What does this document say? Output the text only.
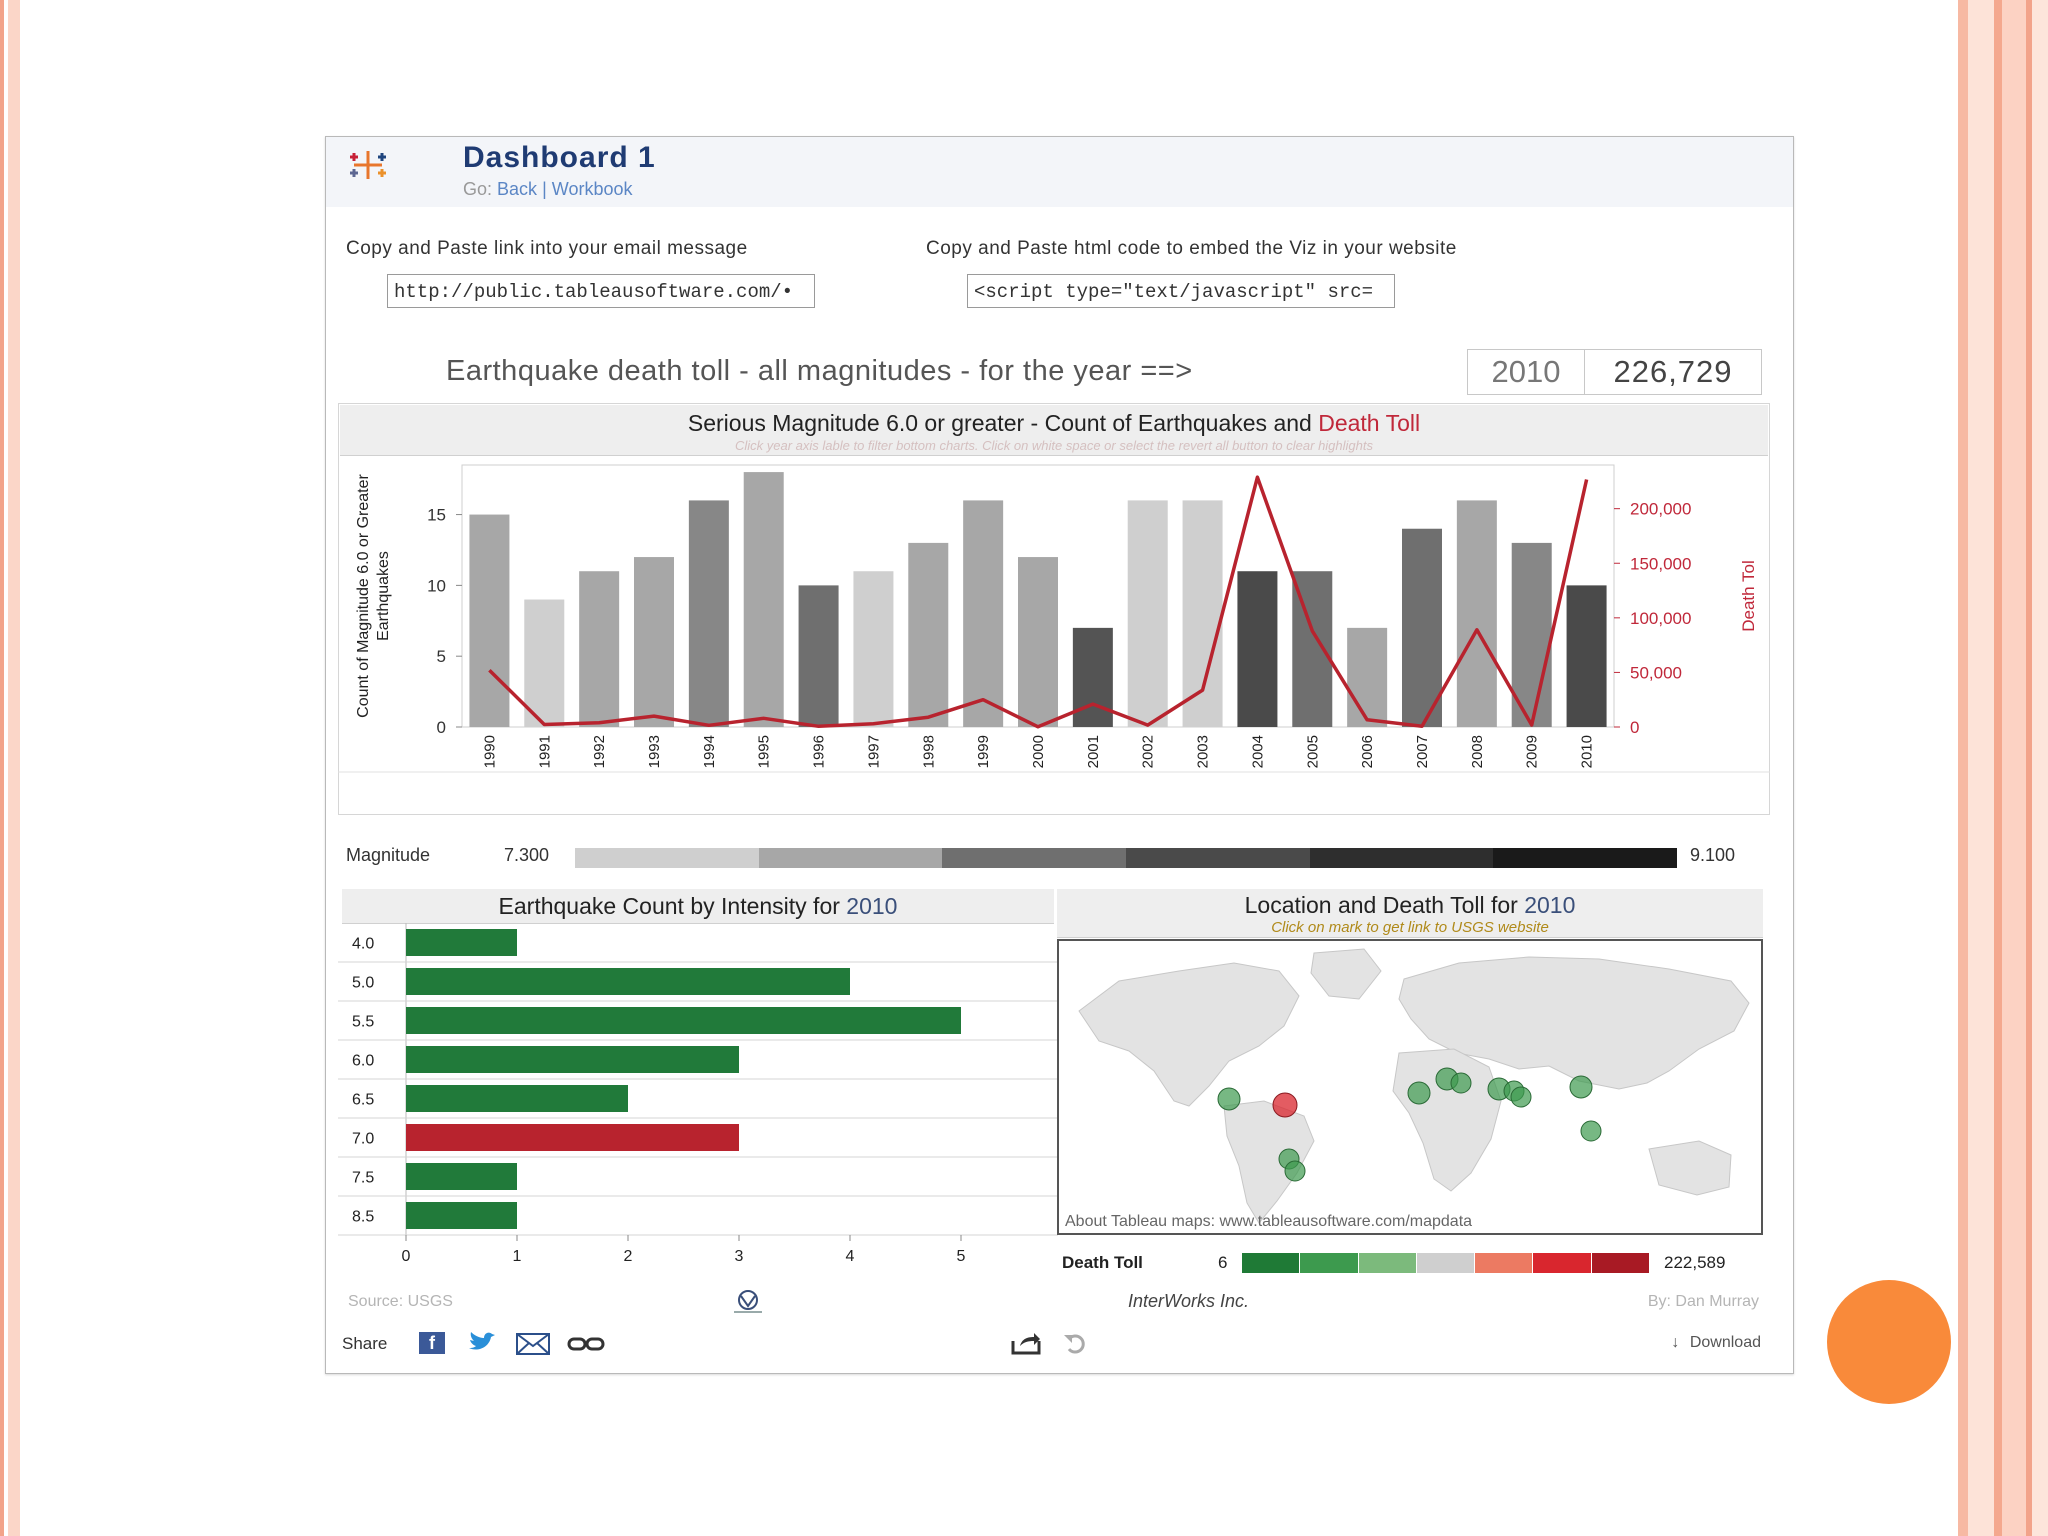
Dashboard 1
Go: Back | Workbook
Copy and Paste link into your email message
http://public.tableausoftware.com/•
Copy and Paste html code to embed the Viz in your website
<script type="text/javascript" src=
Earthquake death toll - all magnitudes - for the year ==>	2010	226,729
Serious Magnitude 6.0 or greater - Count of Earthquakes and Death Toll
Click year axis lable to filter bottom charts. Click on white space or select the revert all button to clear highlights
0
5
10
15
0
50,000
100,000
150,000
200,000
1990	1991	1992	1993	1994	1995	1996	1997	1998	1999	2000	2001	2002	2003	2004	2005	2006	2007	2008	2009	2010
Count of Magnitude 6.0 or Greater Earthquakes	Death Tol
Magnitude	7.300	9.100
Earthquake Count by Intensity for 2010
4.0
5.0
5.5
6.0
6.5
7.0
7.5
8.5
0	1	2	3	4	5
Location and Death Toll for 2010
Click on mark to get link to USGS website
About Tableau maps: www.tableausoftware.com/mapdata
Death Toll	6	222,589
Source: USGS	InterWorks Inc.	By: Dan Murray
Share	f	↓ Download
